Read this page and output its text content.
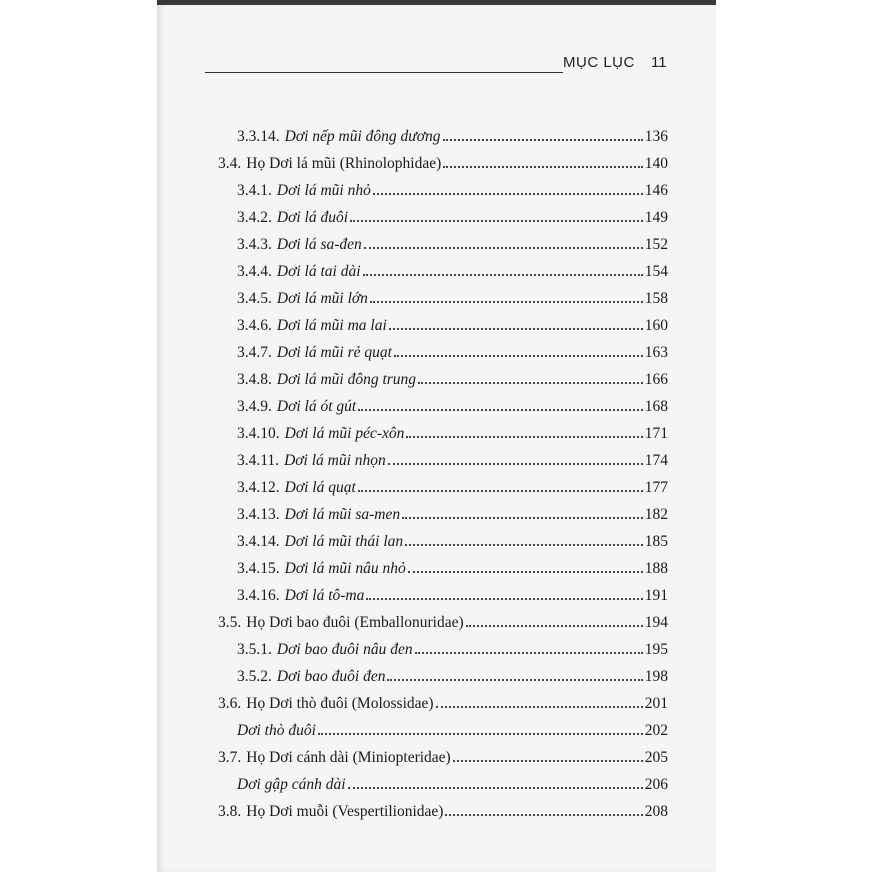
MỤC LỤC 11
3.3.14. Dơi nếp mũi đông dương	136
3.4. Họ Dơi lá mũi (Rhinolophidae)	140
3.4.1. Dơi lá mũi nhỏ	146
3.4.2. Dơi lá đuôi	149
3.4.3. Dơi lá sa-đen	152
3.4.4. Dơi lá tai dài	154
3.4.5. Dơi lá mũi lớn	158
3.4.6. Dơi lá mũi ma lai	160
3.4.7. Dơi lá mũi rẻ quạt	163
3.4.8. Dơi lá mũi đông trung	166
3.4.9. Dơi lá ót gút	168
3.4.10. Dơi lá mũi péc-xôn	171
3.4.11. Dơi lá mũi nhọn	174
3.4.12. Dơi lá quạt	177
3.4.13. Dơi lá mũi sa-men	182
3.4.14. Dơi lá mũi thái lan	185
3.4.15. Dơi lá mũi nâu nhỏ	188
3.4.16. Dơi lá tô-ma	191
3.5. Họ Dơi bao đuôi (Emballonuridae)	194
3.5.1. Dơi bao đuôi nâu đen	195
3.5.2. Dơi bao đuôi đen	198
3.6. Họ Dơi thò đuôi (Molossidae)	201
Dơi thò đuôi	202
3.7. Họ Dơi cánh dài (Miniopteridae)	205
Dơi gập cánh dài	206
3.8. Họ Dơi muỗi (Vespertilionidae)	208
